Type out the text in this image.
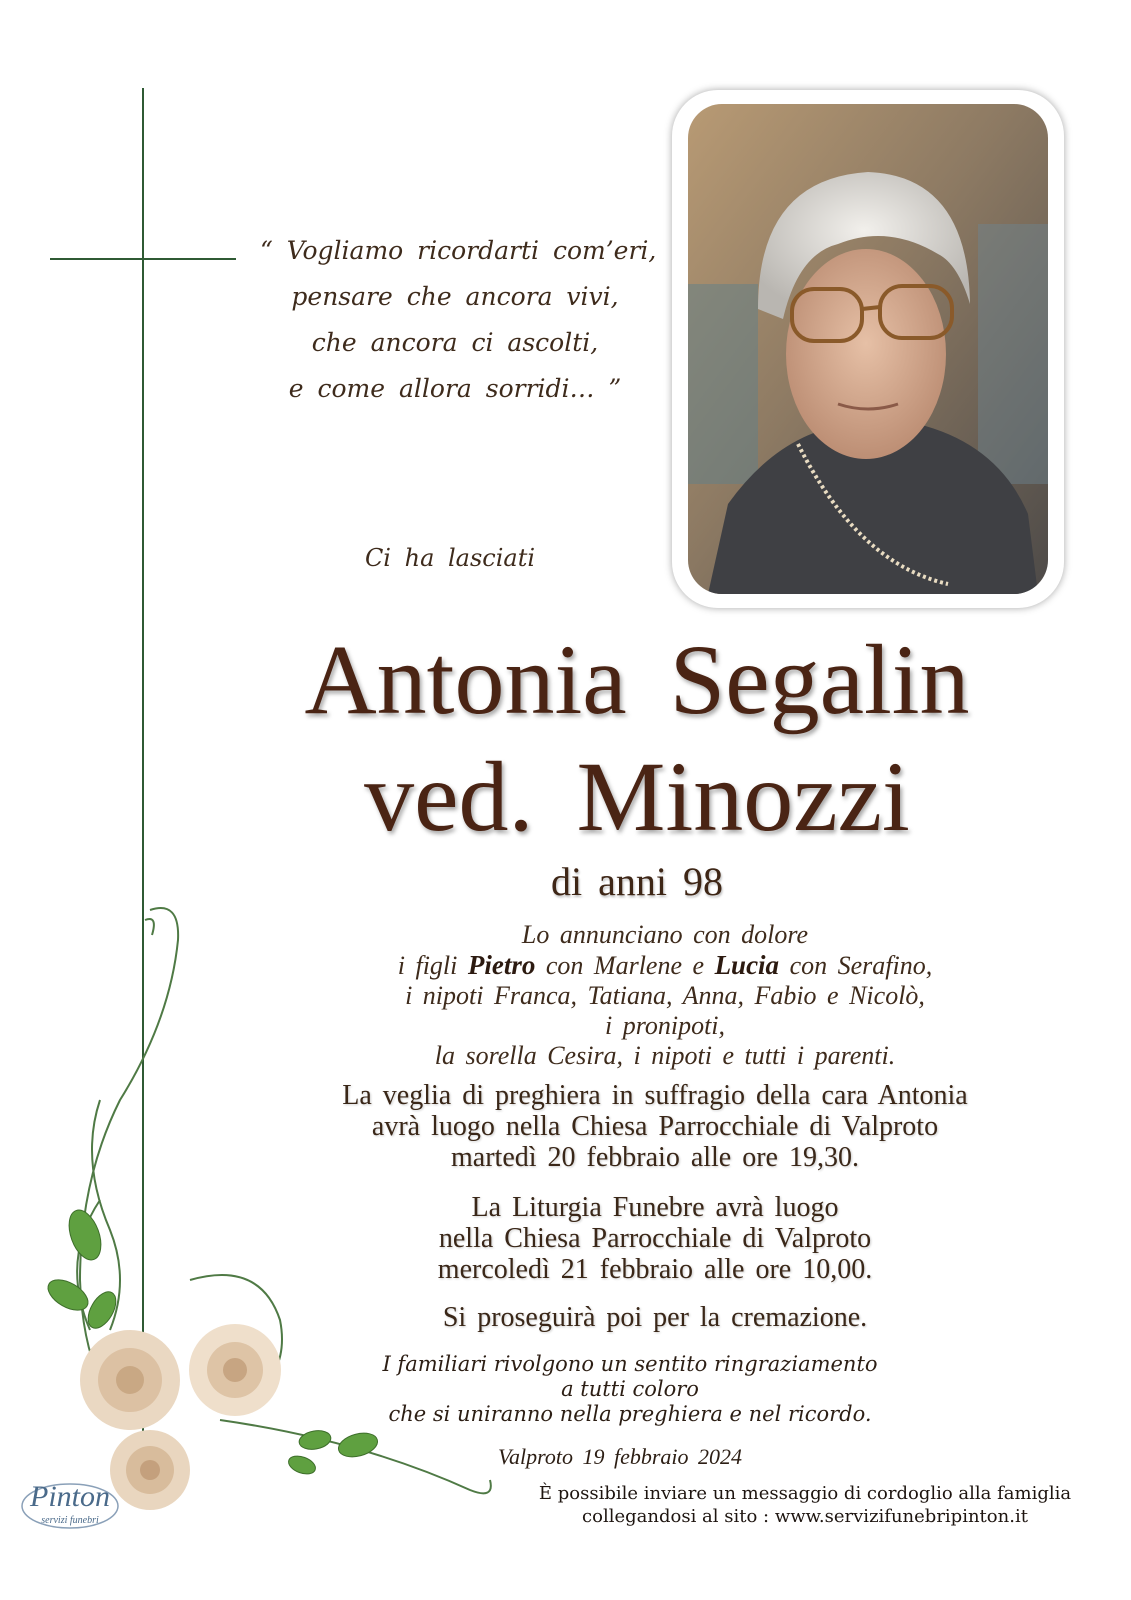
“ Vogliamo ricordarti com’eri,
pensare che ancora vivi,
che ancora ci ascolti,
e come allora sorridi… ”
Ci ha lasciati
Antonia Segalin
ved. Minozzi
di anni 98
Lo annunciano con dolore
i figli Pietro con Marlene e Lucia con Serafino,
i nipoti Franca, Tatiana, Anna, Fabio e Nicolò,
i pronipoti,
la sorella Cesira, i nipoti e tutti i parenti.
La veglia di preghiera in suffragio della cara Antonia
avrà luogo nella Chiesa Parrocchiale di Valproto
martedì 20 febbraio alle ore 19,30.
La Liturgia Funebre avrà luogo
nella Chiesa Parrocchiale di Valproto
mercoledì 21 febbraio alle ore 10,00.
Si proseguirà poi per la cremazione.
I familiari rivolgono un sentito ringraziamento
a tutti coloro
che si uniranno nella preghiera e nel ricordo.
Valproto 19 febbraio 2024
È possibile inviare un messaggio di cordoglio alla famiglia
collegandosi al sito : www.servizifunebripinton.it
Pinton
servizi funebri
